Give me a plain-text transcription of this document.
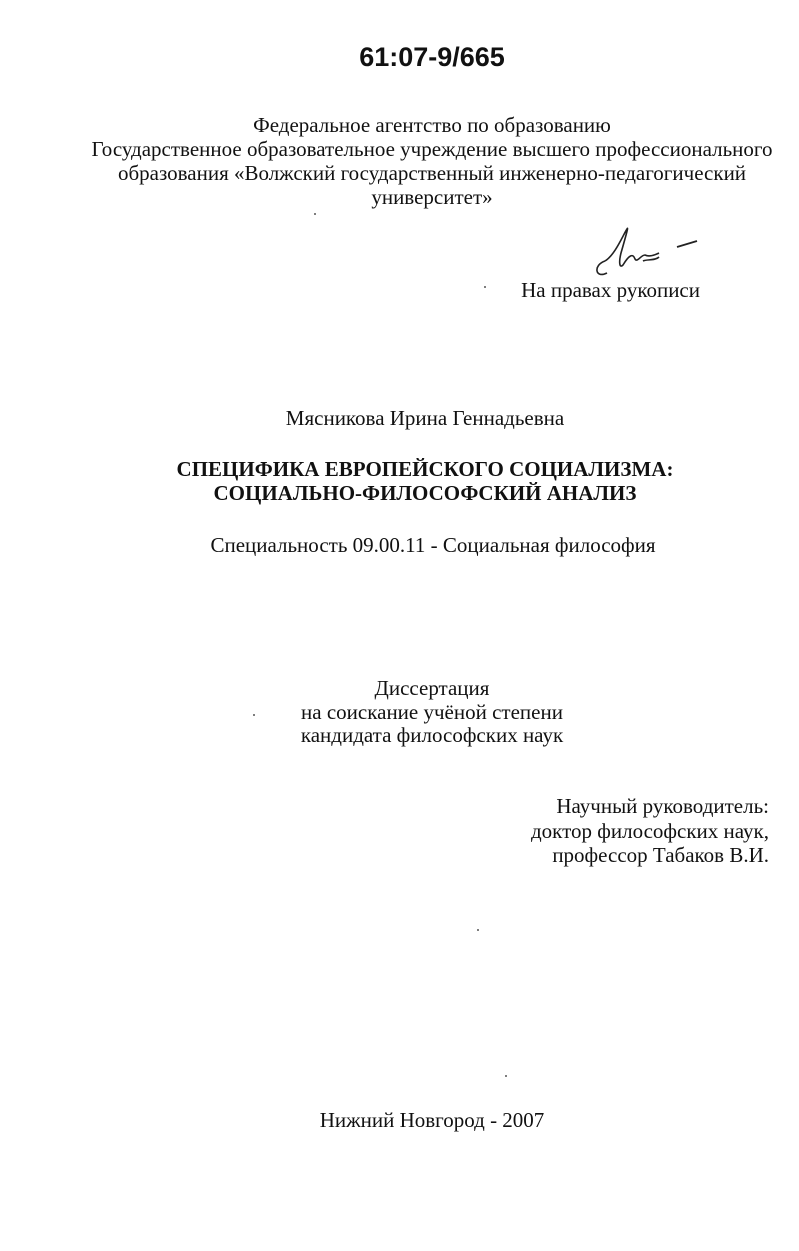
61:07-9/665
Федеральное агентство по образованию
Государственное образовательное учреждение высшего профессионального
образования «Волжский государственный инженерно-педагогический
университет»
На правах рукописи
Мясникова Ирина Геннадьевна
СПЕЦИФИКА ЕВРОПЕЙСКОГО СОЦИАЛИЗМА:
СОЦИАЛЬНО-ФИЛОСОФСКИЙ АНАЛИЗ
Специальность 09.00.11 - Социальная философия
Диссертация
на соискание учёной степени
кандидата философских наук
Научный руководитель:
доктор философских наук,
профессор Табаков В.И.
Нижний Новгород - 2007
